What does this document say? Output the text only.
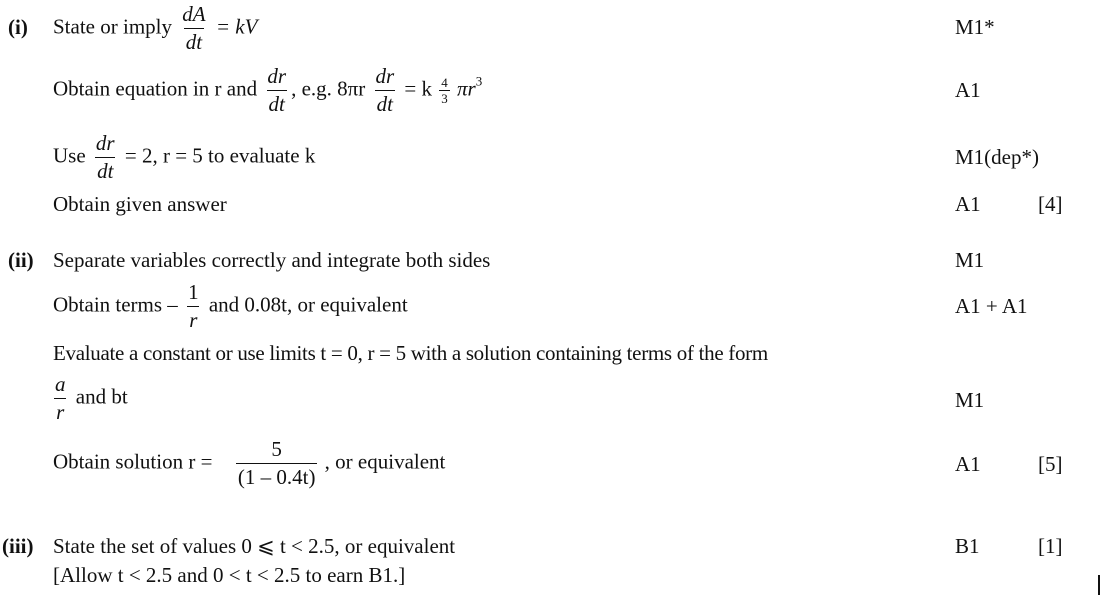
(i) State or imply $\frac{dA}{dt}$ = kV	M1*
Obtain equation in r and $\frac{dr}{dt}$ , e.g. $8\pi r \frac{dr}{dt} = k \frac{4}{3} \pi r^3$	A1
Use $\frac{dr}{dt} = 2$, r = 5 to evaluate k	M1(dep*)
Obtain given answer	A1	[4]
(ii) Separate variables correctly and integrate both sides	M1
Obtain terms – $\frac{1}{r}$ and 0.08t, or equivalent	A1 + A1
Evaluate a constant or use limits t = 0, r = 5 with a solution containing terms of the form
$\frac{a}{r}$ and bt	M1
Obtain solution $r = \frac{5}{(1 - 0.4t)}$ , or equivalent	A1	[5]
(iii) State the set of values 0 ⩽ t < 2.5, or equivalent	B1	[1]
[Allow t < 2.5 and 0 < t < 2.5 to earn B1.]
